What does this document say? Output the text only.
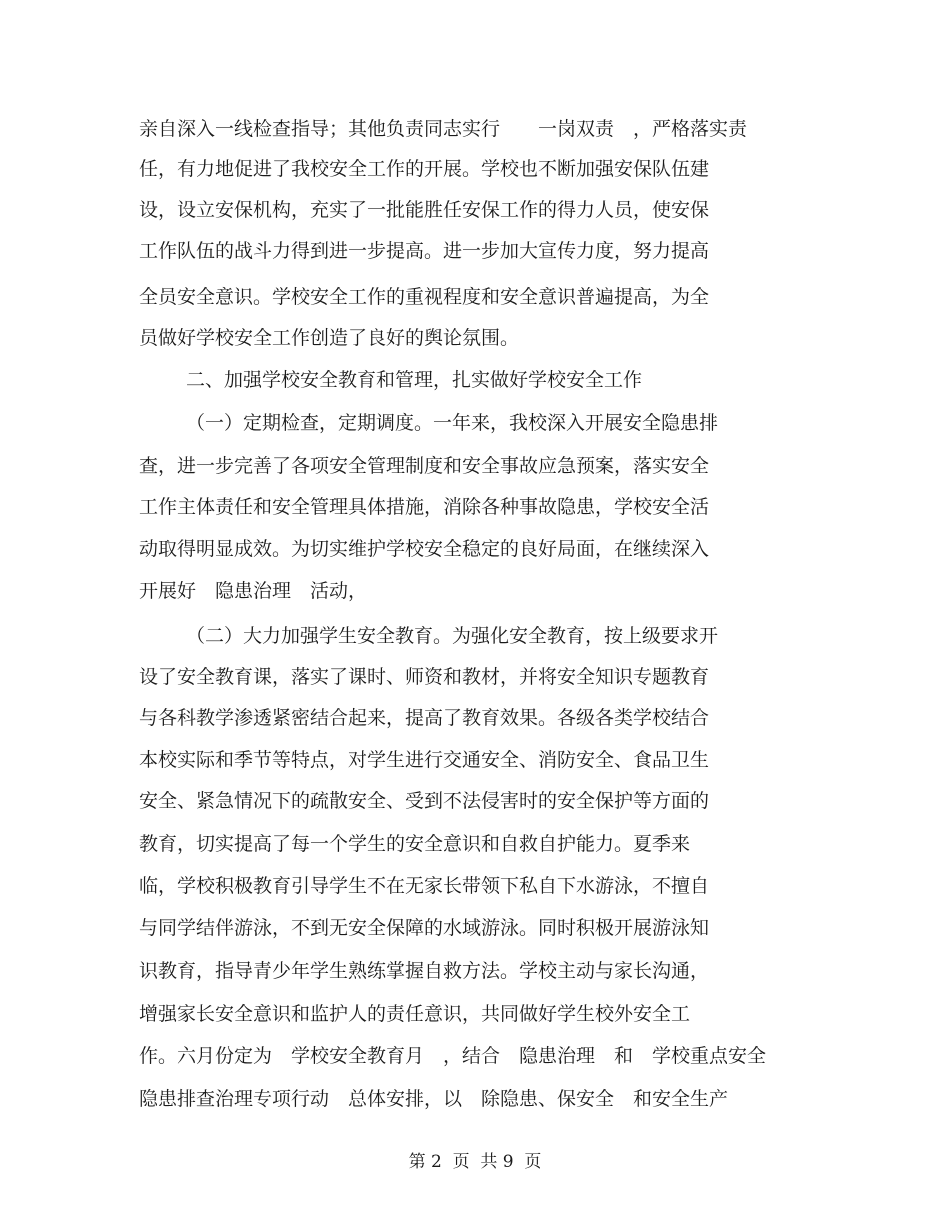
亲自深入一线检查指导；其他负责同志实行　　一岗双责　，严格落实责
任，有力地促进了我校安全工作的开展。学校也不断加强安保队伍建
设，设立安保机构，充实了一批能胜任安保工作的得力人员，使安保
工作队伍的战斗力得到进一步提高。进一步加大宣传力度，努力提高
全员安全意识。学校安全工作的重视程度和安全意识普遍提高，为全
员做好学校安全工作创造了良好的舆论氛围。
二、加强学校安全教育和管理，扎实做好学校安全工作
（一）定期检查，定期调度。一年来，我校深入开展安全隐患排
查，进一步完善了各项安全管理制度和安全事故应急预案，落实安全
工作主体责任和安全管理具体措施，消除各种事故隐患，学校安全活
动取得明显成效。为切实维护学校安全稳定的良好局面，在继续深入
开展好　隐患治理　活动，
（二）大力加强学生安全教育。为强化安全教育，按上级要求开
设了安全教育课，落实了课时、师资和教材，并将安全知识专题教育
与各科教学渗透紧密结合起来，提高了教育效果。各级各类学校结合
本校实际和季节等特点，对学生进行交通安全、消防安全、食品卫生
安全、紧急情况下的疏散安全、受到不法侵害时的安全保护等方面的
教育，切实提高了每一个学生的安全意识和自救自护能力。夏季来
临，学校积极教育引导学生不在无家长带领下私自下水游泳，不擅自
与同学结伴游泳，不到无安全保障的水域游泳。同时积极开展游泳知
识教育，指导青少年学生熟练掌握自救方法。学校主动与家长沟通，
增强家长安全意识和监护人的责任意识，共同做好学生校外安全工
作。六月份定为　学校安全教育月　，结合　隐患治理　和　学校重点安全
隐患排查治理专项行动　总体安排，以　除隐患、保安全　和安全生产
第 2  页  共 9  页
